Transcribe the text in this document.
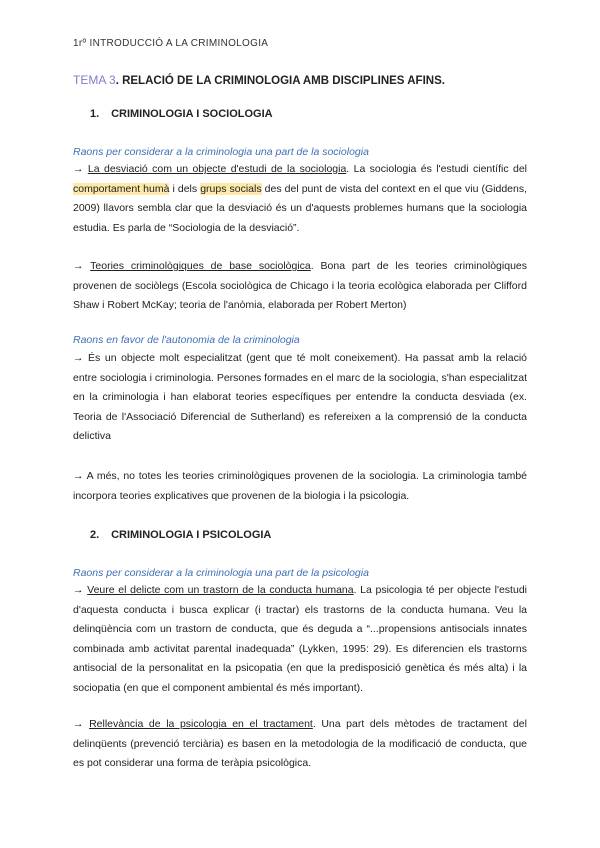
1rº INTRODUCCIÓ A LA CRIMINOLOGIA
TEMA 3. RELACIÓ DE LA CRIMINOLOGIA AMB DISCIPLINES AFINS.
1. CRIMINOLOGIA I SOCIOLOGIA
Raons per considerar a la criminologia una part de la sociologia
→ La desviació com un objecte d'estudi de la sociologia. La sociologia és l'estudi científic del comportament humà i dels grups socials des del punt de vista del context en el que viu (Giddens, 2009) llavors sembla clar que la desviació és un d'aquests problemes humans que la sociologia estudia. Es parla de “Sociologia de la desviació”.
→ Teories criminològiques de base sociològica. Bona part de les teories criminològiques provenen de sociòlegs (Escola sociològica de Chicago i la teoria ecològica elaborada per Clifford Shaw i Robert McKay; teoria de l'anòmia, elaborada per Robert Merton)
Raons en favor de l'autonomia de la criminologia
→ És un objecte molt especialitzat (gent que té molt coneixement). Ha passat amb la relació entre sociologia i criminologia. Persones formades en el marc de la sociologia, s'han especialitzat en la criminologia i han elaborat teories específiques per entendre la conducta desviada (ex. Teoria de l'Associació Diferencial de Sutherland) es refereixen a la comprensió de la conducta delictiva
→ A més, no totes les teories criminològiques provenen de la sociologia. La criminologia també incorpora teories explicatives que provenen de la biologia i la psicologia.
2. CRIMINOLOGIA I PSICOLOGIA
Raons per considerar a la criminologia una part de la psicologia
→ Veure el delicte com un trastorn de la conducta humana. La psicologia té per objecte l'estudi d'aquesta conducta i busca explicar (i tractar) els trastorns de la conducta humana. Veu la delinqüència com un trastorn de conducta, que és deguda a “...propensions antisocials innates combinada amb activitat parental inadequada” (Lykken, 1995: 29). Es diferencien els trastorns antisocial de la personalitat en la psicopatia (en que la predisposició genètica és més alta) i la sociopatia (en que el component ambiental és més important).
→ Rellevància de la psicologia en el tractament. Una part dels mètodes de tractament del delinqüents (prevenció terciària) es basen en la metodologia de la modificació de conducta, que es pot considerar una forma de teràpia psicològica.
